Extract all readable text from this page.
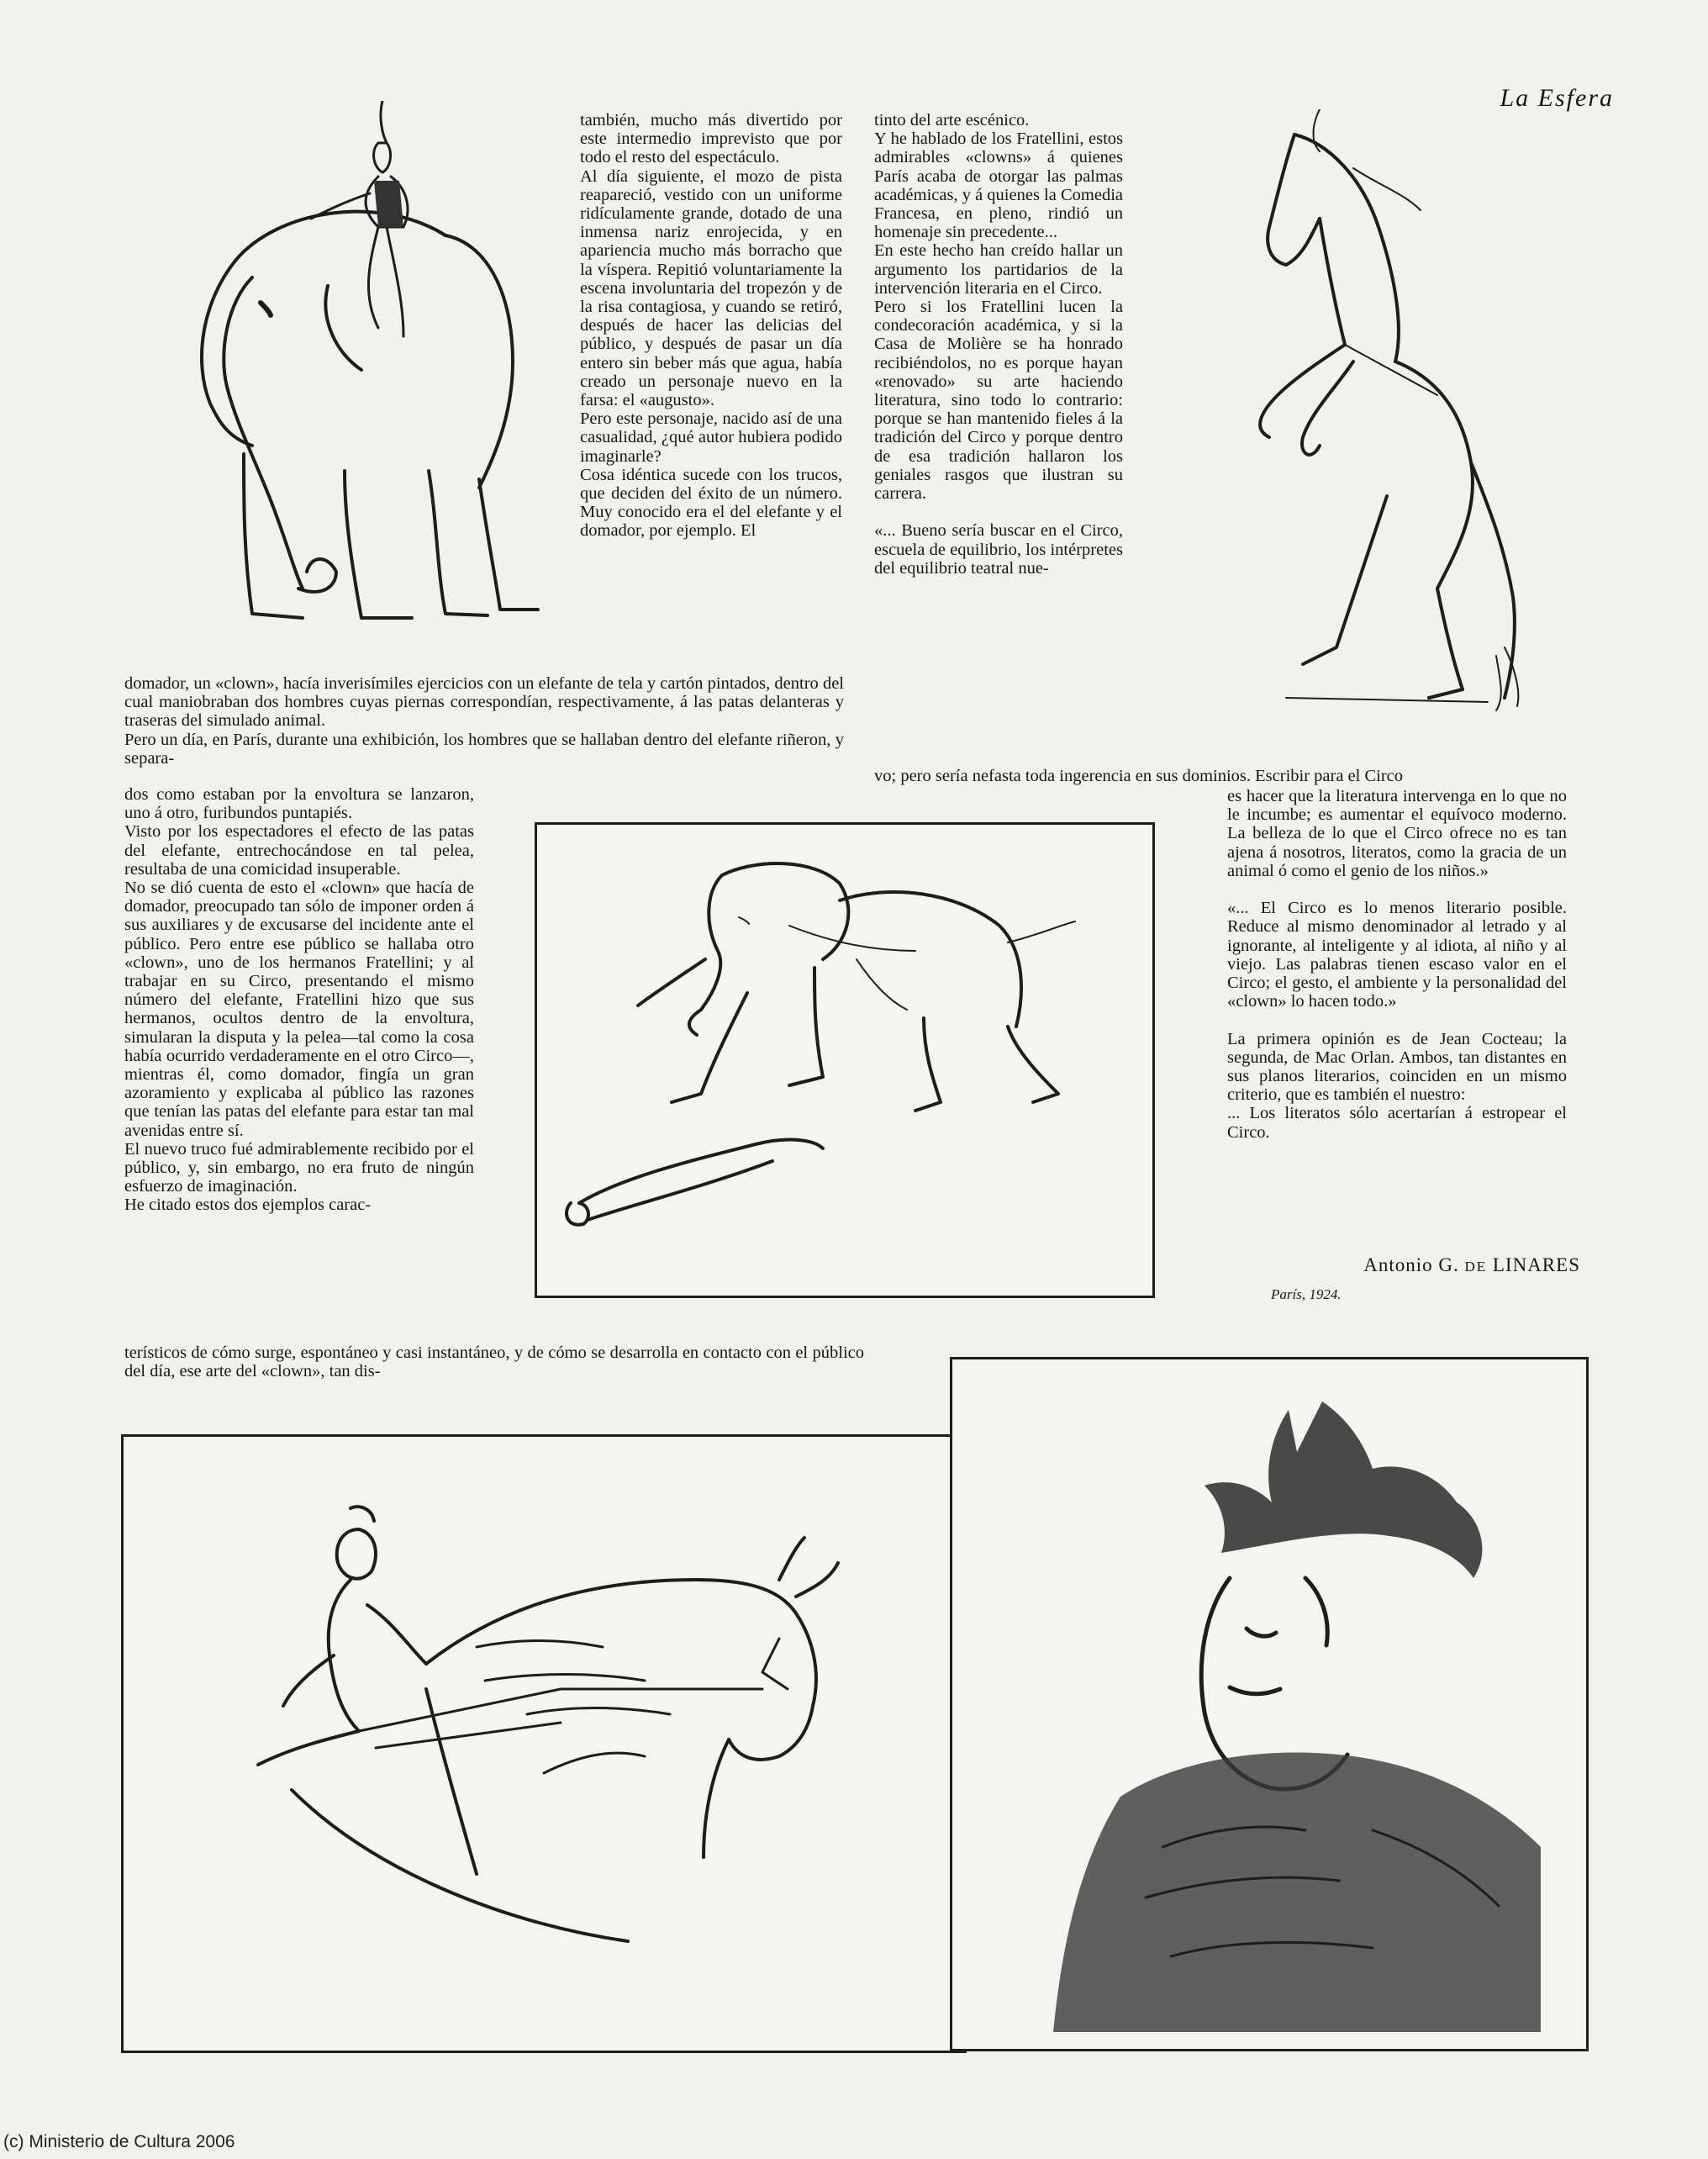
La Esfera
también, mucho más divertido por este intermedio imprevisto que por todo el resto del espectáculo.
Al día siguiente, el mozo de pista reapareció, vestido con un uniforme ridículamente grande, dotado de una inmensa nariz enrojecida, y en apariencia mucho más borracho que la víspera. Repitió voluntariamente la escena involuntaria del tropezón y de la risa contagiosa, y cuando se retiró, después de hacer las delicias del público, y después de pasar un día entero sin beber más que agua, había creado un personaje nuevo en la farsa: el «augusto».
Pero este personaje, nacido así de una casualidad, ¿qué autor hubiera podido imaginarle?
Cosa idéntica sucede con los trucos, que deciden del éxito de un número. Muy conocido era el del elefante y el domador, por ejemplo. El
tinto del arte escénico.
Y he hablado de los Fratellini, estos admirables «clowns» á quienes París acaba de otorgar las palmas académicas, y á quienes la Comedia Francesa, en pleno, rindió un homenaje sin precedente...
En este hecho han creído hallar un argumento los partidarios de la intervención literaria en el Circo.
Pero si los Fratellini lucen la condecoración académica, y si la Casa de Molière se ha honrado recibiéndolos, no es porque hayan «renovado» su arte haciendo literatura, sino todo lo contrario: porque se han mantenido fieles á la tradición del Circo y porque dentro de esa tradición hallaron los geniales rasgos que ilustran su carrera.

«... Bueno sería buscar en el Circo, escuela de equilibrio, los intérpretes del equilibrio teatral nue-
domador, un «clown», hacía inverisímiles ejercicios con un elefante de tela y cartón pintados, dentro del cual maniobraban dos hombres cuyas piernas correspondían, respectivamente, á las patas delanteras y traseras del simulado animal.
Pero un día, en París, durante una exhibición, los hombres que se hallaban dentro del elefante riñeron, y separa-
vo; pero sería nefasta toda ingerencia en sus dominios. Escribir para el Circo
dos como estaban por la envoltura se lanzaron, uno á otro, furibundos puntapiés.
Visto por los espectadores el efecto de las patas del elefante, entrechocándose en tal pelea, resultaba de una comicidad insuperable.
No se dió cuenta de esto el «clown» que hacía de domador, preocupado tan sólo de imponer orden á sus auxiliares y de excusarse del incidente ante el público. Pero entre ese público se hallaba otro «clown», uno de los hermanos Fratellini; y al trabajar en su Circo, presentando el mismo número del elefante, Fratellini hizo que sus hermanos, ocultos dentro de la envoltura, simularan la disputa y la pelea—tal como la cosa había ocurrido verdaderamente en el otro Circo—, mientras él, como domador, fingía un gran azoramiento y explicaba al público las razones que tenían las patas del elefante para estar tan mal avenidas entre sí.
El nuevo truco fué admirablemente recibido por el público, y, sin embargo, no era fruto de ningún esfuerzo de imaginación.
He citado estos dos ejemplos carac-
terísticos de cómo surge, espontáneo y casi instantáneo, y de cómo se desarrolla en contacto con el público del día, ese arte del «clown», tan dis-
es hacer que la literatura intervenga en lo que no le incumbe; es aumentar el equívoco moderno. La belleza de lo que el Circo ofrece no es tan ajena á nosotros, literatos, como la gracia de un animal ó como el genio de los niños.»

«... El Circo es lo menos literario posible. Reduce al mismo denominador al letrado y al ignorante, al inteligente y al idiota, al niño y al viejo. Las palabras tienen escaso valor en el Circo; el gesto, el ambiente y la personalidad del «clown» lo hacen todo.»

La primera opinión es de Jean Cocteau; la segunda, de Mac Orlan. Ambos, tan distantes en sus planos literarios, coinciden en un mismo criterio, que es también el nuestro:
... Los literatos sólo acertarían á estropear el Circo.
Antonio G. DE LINARES
París, 1924.
(c) Ministerio de Cultura 2006
